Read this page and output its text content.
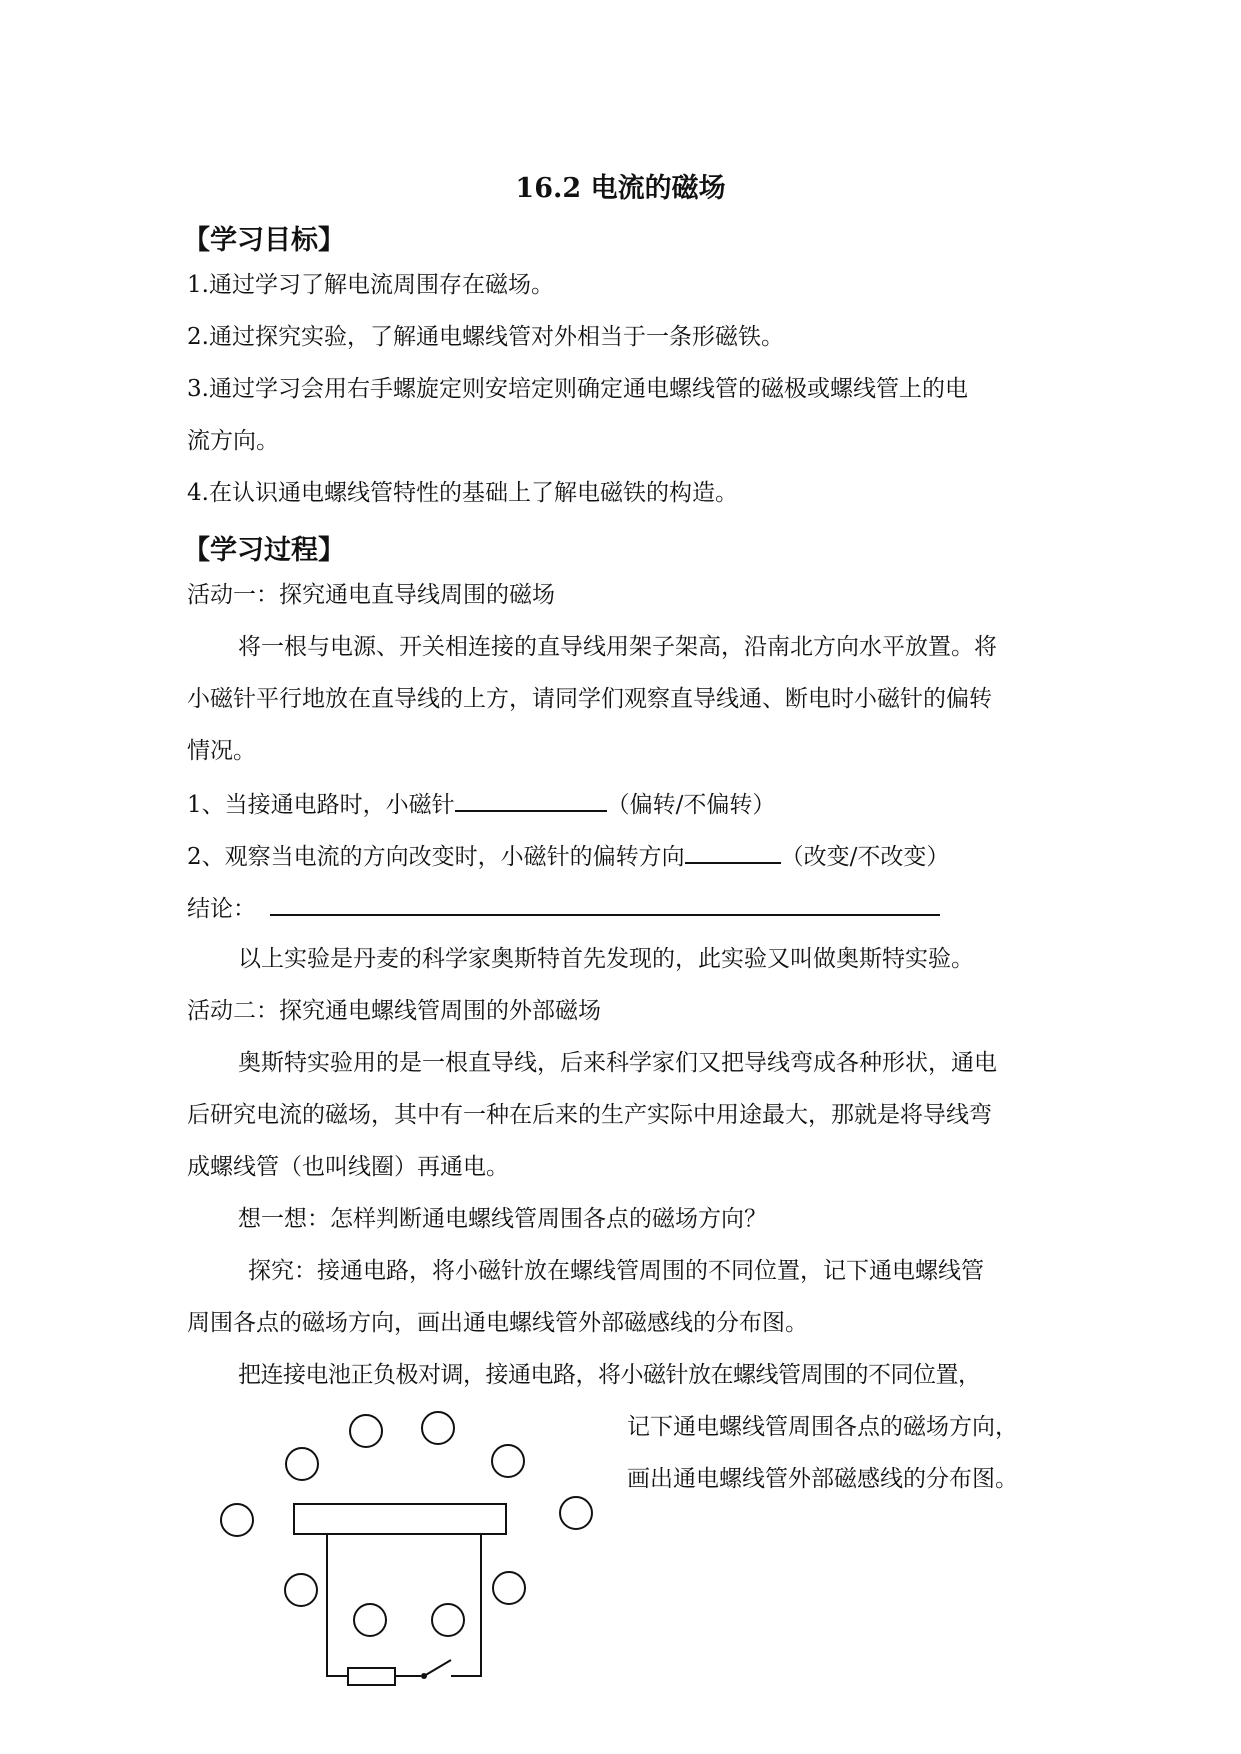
16.2 电流的磁场
【学习目标】
1.通过学习了解电流周围存在磁场。
2.通过探究实验，了解通电螺线管对外相当于一条形磁铁。
3.通过学习会用右手螺旋定则安培定则确定通电螺线管的磁极或螺线管上的电
流方向。
4.在认识通电螺线管特性的基础上了解电磁铁的构造。
【学习过程】
活动一：探究通电直导线周围的磁场
将一根与电源、开关相连接的直导线用架子架高，沿南北方向水平放置。将
小磁针平行地放在直导线的上方，请同学们观察直导线通、断电时小磁针的偏转
情况。
1、当接通电路时，小磁针	（偏转/不偏转）
2、观察当电流的方向改变时，小磁针的偏转方向	（改变/不改变）
结论：
以上实验是丹麦的科学家奥斯特首先发现的，此实验又叫做奥斯特实验。
活动二：探究通电螺线管周围的外部磁场
奥斯特实验用的是一根直导线，后来科学家们又把导线弯成各种形状，通电
后研究电流的磁场，其中有一种在后来的生产实际中用途最大，那就是将导线弯
成螺线管（也叫线圈）再通电。
想一想：怎样判断通电螺线管周围各点的磁场方向？
探究：接通电路，将小磁针放在螺线管周围的不同位置，记下通电螺线管
周围各点的磁场方向，画出通电螺线管外部磁感线的分布图。
把连接电池正负极对调，接通电路，将小磁针放在螺线管周围的不同位置，
记下通电螺线管周围各点的磁场方向，
画出通电螺线管外部磁感线的分布图。
